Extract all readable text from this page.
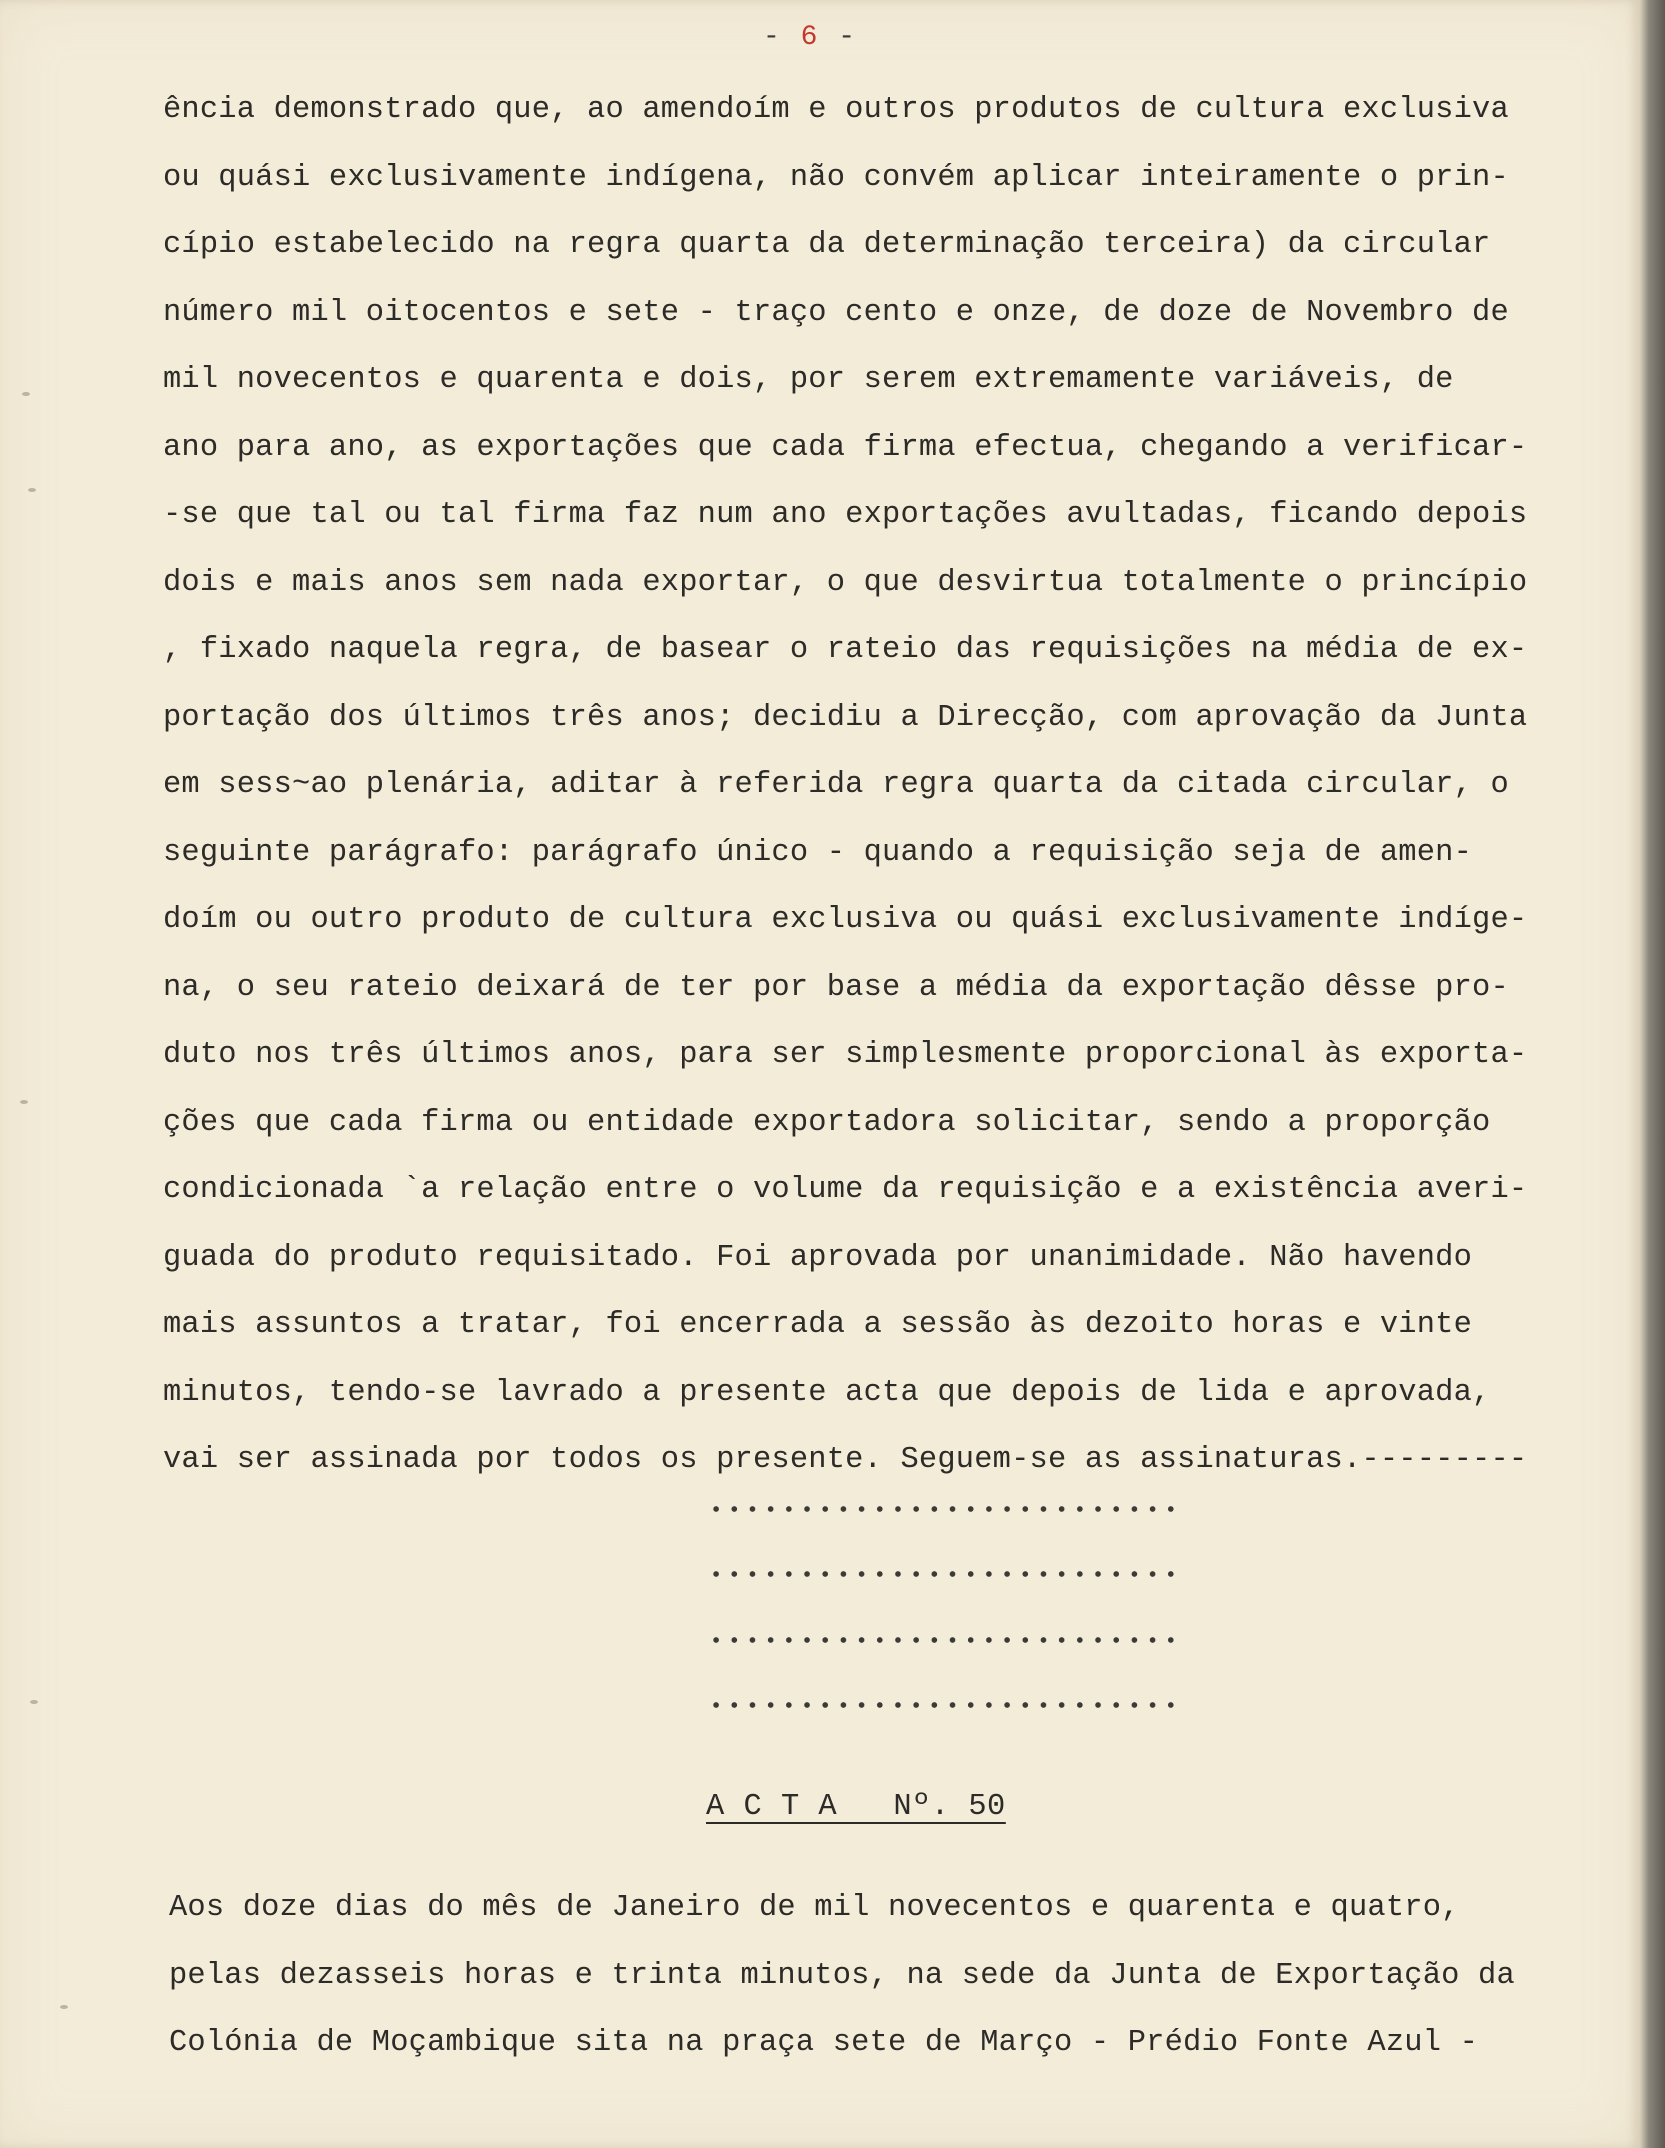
- 6 -
ência demonstrado que, ao amendoím e outros produtos de cultura exclusiva
ou quási exclusivamente indígena, não convém aplicar inteiramente o prin-
cípio estabelecido na regra quarta da determinação terceira) da circular
número mil oitocentos e sete - traço cento e onze, de doze de Novembro de
mil novecentos e quarenta e dois, por serem extremamente variáveis, de
ano para ano, as exportações que cada firma efectua, chegando a verificar-
-se que tal ou tal firma faz num ano exportações avultadas, ficando depois
dois e mais anos sem nada exportar, o que desvirtua totalmente o princípio
, fixado naquela regra, de basear o rateio das requisições na média de ex-
portação dos últimos três anos; decidiu a Direcção, com aprovação da Junta
em sess~ao plenária, aditar à referida regra quarta da citada circular, o
seguinte parágrafo: parágrafo único - quando a requisição seja de amen-
doím ou outro produto de cultura exclusiva ou quási exclusivamente indíge-
na, o seu rateio deixará de ter por base a média da exportação dêsse pro-
duto nos três últimos anos, para ser simplesmente proporcional às exporta-
ções que cada firma ou entidade exportadora solicitar, sendo a proporção
condicionada `a relação entre o volume da requisição e a existência averi-
guada do produto requisitado. Foi aprovada por unanimidade. Não havendo
mais assuntos a tratar, foi encerrada a sessão às dezoito horas e vinte
minutos, tendo-se lavrado a presente acta que depois de lida e aprovada,
vai ser assinada por todos os presente. Seguem-se as assinaturas.---------
A C T A   Nº. 50
Aos doze dias do mês de Janeiro de mil novecentos e quarenta e quatro,
pelas dezasseis horas e trinta minutos, na sede da Junta de Exportação da
Colónia de Moçambique sita na praça sete de Março - Prédio Fonte Azul -
